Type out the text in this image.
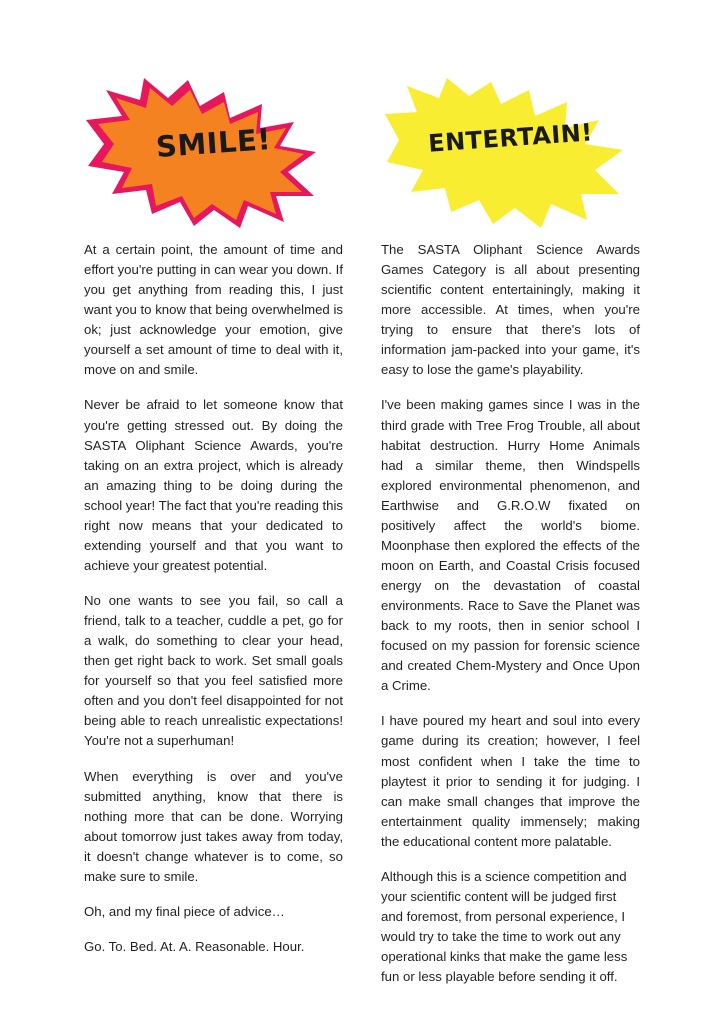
SMILE!

At a certain point, the amount of time and effort you're putting in can wear you down. If you get anything from reading this, I just want you to know that being overwhelmed is ok; just acknowledge your emotion, give yourself a set amount of time to deal with it, move on and smile.

Never be afraid to let someone know that you're getting stressed out. By doing the SASTA Oliphant Science Awards, you're taking on an extra project, which is already an amazing thing to be doing during the school year! The fact that you're reading this right now means that your dedicated to extending yourself and that you want to achieve your greatest potential.

No one wants to see you fail, so call a friend, talk to a teacher, cuddle a pet, go for a walk, do something to clear your head, then get right back to work. Set small goals for yourself so that you feel satisfied more often and you don't feel disappointed for not being able to reach unrealistic expectations! You're not a superhuman!

When everything is over and you've submitted anything, know that there is nothing more that can be done. Worrying about tomorrow just takes away from today, it doesn't change whatever is to come, so make sure to smile.

Oh, and my final piece of advice…

Go. To. Bed. At. A. Reasonable. Hour.

ENTERTAIN!

The SASTA Oliphant Science Awards Games Category is all about presenting scientific content entertainingly, making it more accessible. At times, when you're trying to ensure that there's lots of information jam-packed into your game, it's easy to lose the game's playability.

I've been making games since I was in the third grade with Tree Frog Trouble, all about habitat destruction. Hurry Home Animals had a similar theme, then Windspells explored environmental phenomenon, and Earthwise and G.R.O.W fixated on positively affect the world's biome. Moonphase then explored the effects of the moon on Earth, and Coastal Crisis focused energy on the devastation of coastal environments. Race to Save the Planet was back to my roots, then in senior school I focused on my passion for forensic science and created Chem-Mystery and Once Upon a Crime.

I have poured my heart and soul into every game during its creation; however, I feel most confident when I take the time to playtest it prior to sending it for judging. I can make small changes that improve the entertainment quality immensely; making the educational content more palatable.

Although this is a science competition and your scientific content will be judged first and foremost, from personal experience, I would try to take the time to work out any operational kinks that make the game less fun or less playable before sending it off.
